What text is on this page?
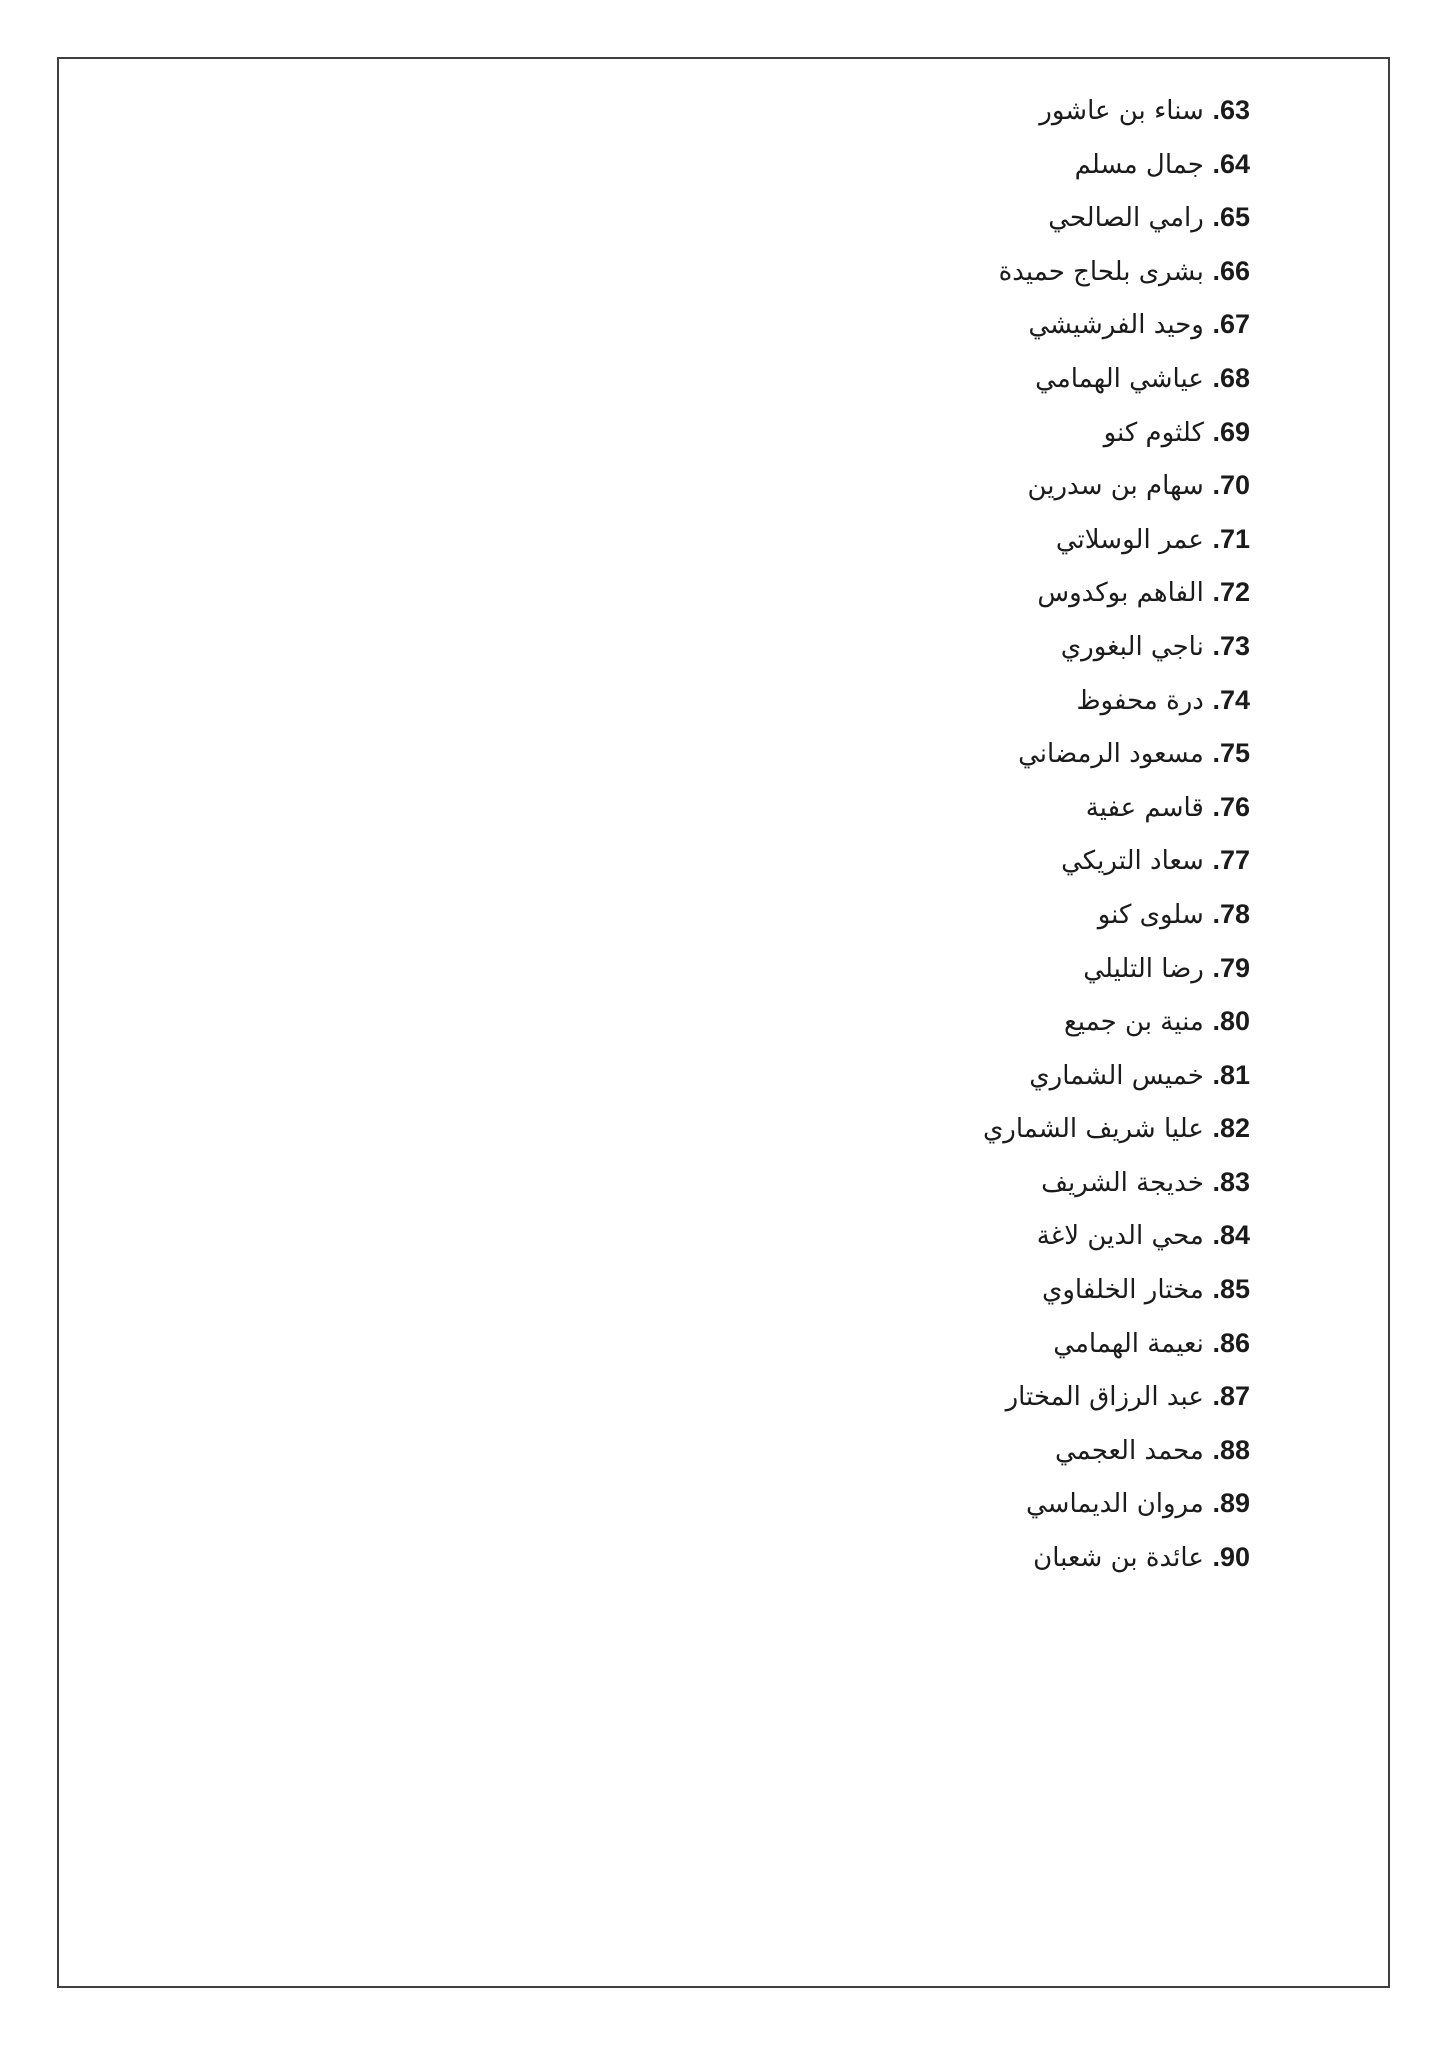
63. سناء بن عاشور
64. جمال مسلم
65. رامي الصالحي
66. بشرى بلحاج حميدة
67. وحيد الفرشيشي
68. عياشي الهمامي
69. كلثوم كنو
70. سهام بن سدرين
71. عمر الوسلاتي
72. الفاهم بوكدوس
73. ناجي البغوري
74. درة محفوظ
75. مسعود الرمضاني
76. قاسم عفية
77. سعاد التريكي
78. سلوى كنو
79. رضا التليلي
80. منية بن جميع
81. خميس الشماري
82. عليا شريف الشماري
83. خديجة الشريف
84. محي الدين لاغة
85. مختار الخلفاوي
86. نعيمة الهمامي
87. عبد الرزاق المختار
88. محمد العجمي
89. مروان الديماسي
90. عائدة بن شعبان
